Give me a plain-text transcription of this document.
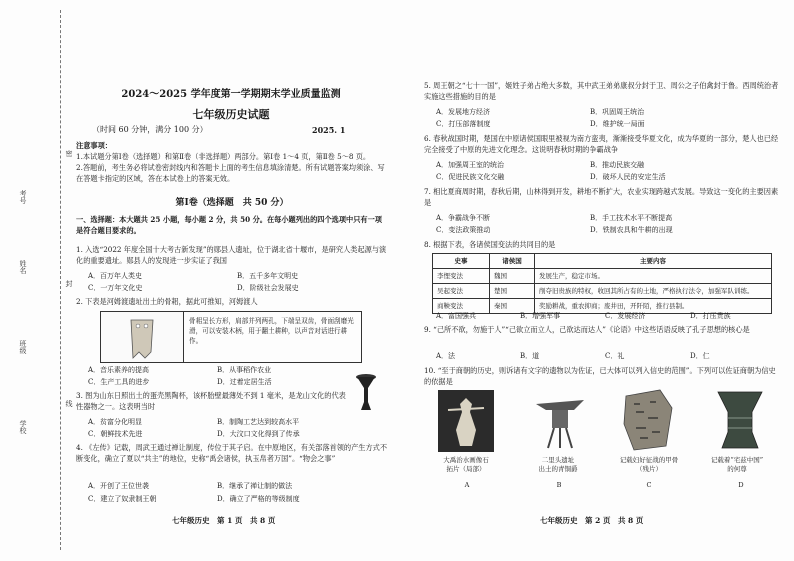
考号
姓名
班级
学校
密
封
线
2024～2025 学年度第一学期期末学业质量监测
七年级历史试题
（时间 60 分钟，满分 100 分）	2025. 1
注意事项：
1.本试题分第Ⅰ卷（选择题）和第Ⅱ卷（非选择题）两部分。第Ⅰ卷 1～4 页，第Ⅱ卷 5～8 页。
2.答题前，考生务必将试卷密封线内和答题卡上面的考生信息填涂清楚。所有试题答案均须涂、写在答题卡指定的区域，答在本试卷上的答案无效。
第Ⅰ卷（选择题　共 50 分）
一、选择题：本大题共 25 小题，每小题 2 分，共 50 分。在每小题列出的四个选项中只有一项是符合题目要求的。
1. 入选“2022 年度全国十大考古新发现”的郧县人遗址，位于湖北省十堰市，是研究人类起源与演化的重要遗址。郧县人的发现进一步实证了我国
A．百万年人类史	B．五千多年文明史
C．一万年文化史	D．阶级社会发展史
2. 下表是河姆渡遗址出土的骨耜，据此可推知，河姆渡人
骨耜呈长方形，肩部并列两孔，下端呈双齿，骨面刮磨光滑，可以安装木柄，用于翻土耕种，以声音对话进行耕作。
A．音乐素养的提高	B．从事稻作农业
C．生产工具的进步	D．过着定居生活
3. 图为山东日照出土的蛋壳黑陶杯，该杯胎壁最薄处不到 1 毫米，是龙山文化的代表性器物之一。这表明当时
A．贫富分化明显	B．制陶工艺达到较高水平
C．朝鲜技术先进	D．大汶口文化得到了传承
4. 《左传》记载，周武王通过禅让制度，传位于其子启。在中原地区，有关部落首领的产生方式不断变化，确立了夏以“共主”的地位，史称“禹会诸侯，执玉帛者万国”。“物会之事”
A．开创了王位世袭	B．继承了禅让制的做法
C．建立了奴隶制王朝	D．确立了严格的等级制度
七年级历史　第 1 页　共 8 页
5. 周王朝之“七十一国”，姬姓子弟占绝大多数，其中武王弟弟康叔分封于卫、周公之子伯禽封于鲁。西周统治者实施这些措施的目的是
A．发展地方经济	B．巩固周王统治
C．打压部落制度	D．维护统一局面
6. 春秋战国时期，楚国在中原诸侯国眼里被视为南方蛮夷，渐渐接受华夏文化，成为华夏的一部分，楚人也已经完全接受了中原的先进文化理念。这说明春秋时期的争霸战争
A．加强周王室的统治	B．推动民族交融
C．促进民族文化交融	D．破坏人民的安定生活
7. 相比夏商周时期，春秋后期，山林得到开发，耕地不断扩大，农业实现跨越式发展。导致这一变化的主要因素是
A．争霸战争不断	B．手工技术水平不断提高
C．变法政策推动	D．铁制农具和牛耕的出现
8. 根据下表，各诸侯国变法的共同目的是
史事	诸侯国	主要内容
李悝变法	魏国	发展生产，稳定市场。
吴起变法	楚国	削夺旧贵族的特权，收回其所占有的土地，严格执行法令，加强军队训练。
商鞅变法	秦国	奖励耕战，重农抑商；废井田，开阡陌，推行县制。
A．富国强兵	B．增强军事	C．发展经济	D．打压贵族
9. “己所不欲，勿施于人”“己欲立而立人，己欲达而达人”《论语》中这些话语反映了孔子思想的核心是
A．法	B．道	C．礼	D．仁
10. “至于商朝的历史，则诉诸有文字的遗物以为佐证，已大体可以列入信史的范围”。下列可以佐证商朝为信史的依据是
大禹治水画像石
拓片（局部）
二里头遗址
出土的青铜爵
记载妇好征战的甲骨
（残片）
记载着“宅兹中国”
的何尊
A	B	C	D
七年级历史　第 2 页　共 8 页
